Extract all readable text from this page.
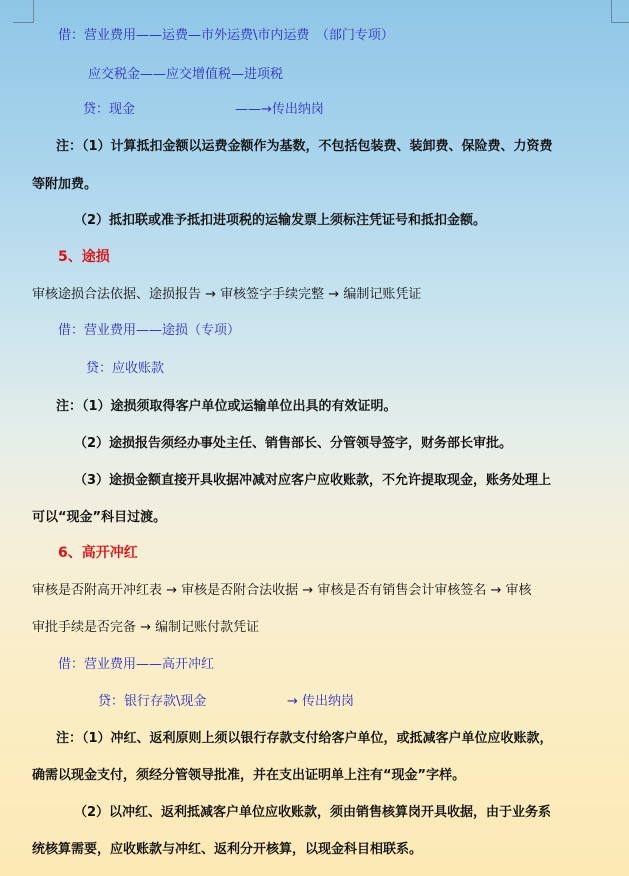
借：营业费用——运费—市外运费\市内运费　（部门专项）
应交税金——应交增值税—进项税
贷：现金	——→传出纳岗
注：（1）计算抵扣金额以运费金额作为基数，不包括包装费、装卸费、保险费、力资费
等附加费。
（2）抵扣联或准予抵扣进项税的运输发票上须标注凭证号和抵扣金额。
5、途损
审核途损合法依据、途损报告 → 审核签字手续完整 → 编制记账凭证
借：营业费用——途损（专项）
贷：应收账款
注：（1）途损须取得客户单位或运输单位出具的有效证明。
（2）途损报告须经办事处主任、销售部长、分管领导签字，财务部长审批。
（3）途损金额直接开具收据冲减对应客户应收账款，不允许提取现金，账务处理上
可以“现金”科目过渡。
6、高开冲红
审核是否附高开冲红表 → 审核是否附合法收据 → 审核是否有销售会计审核签名 → 审核
审批手续是否完备 → 编制记账付款凭证
借：营业费用——高开冲红
贷：银行存款\现金	→ 传出纳岗
注：（1）冲红、返利原则上须以银行存款支付给客户单位，或抵减客户单位应收账款，
确需以现金支付，须经分管领导批准，并在支出证明单上注有“现金”字样。
（2）以冲红、返利抵减客户单位应收账款，须由销售核算岗开具收据，由于业务系
统核算需要，应收账款与冲红、返利分开核算，以现金科目相联系。
